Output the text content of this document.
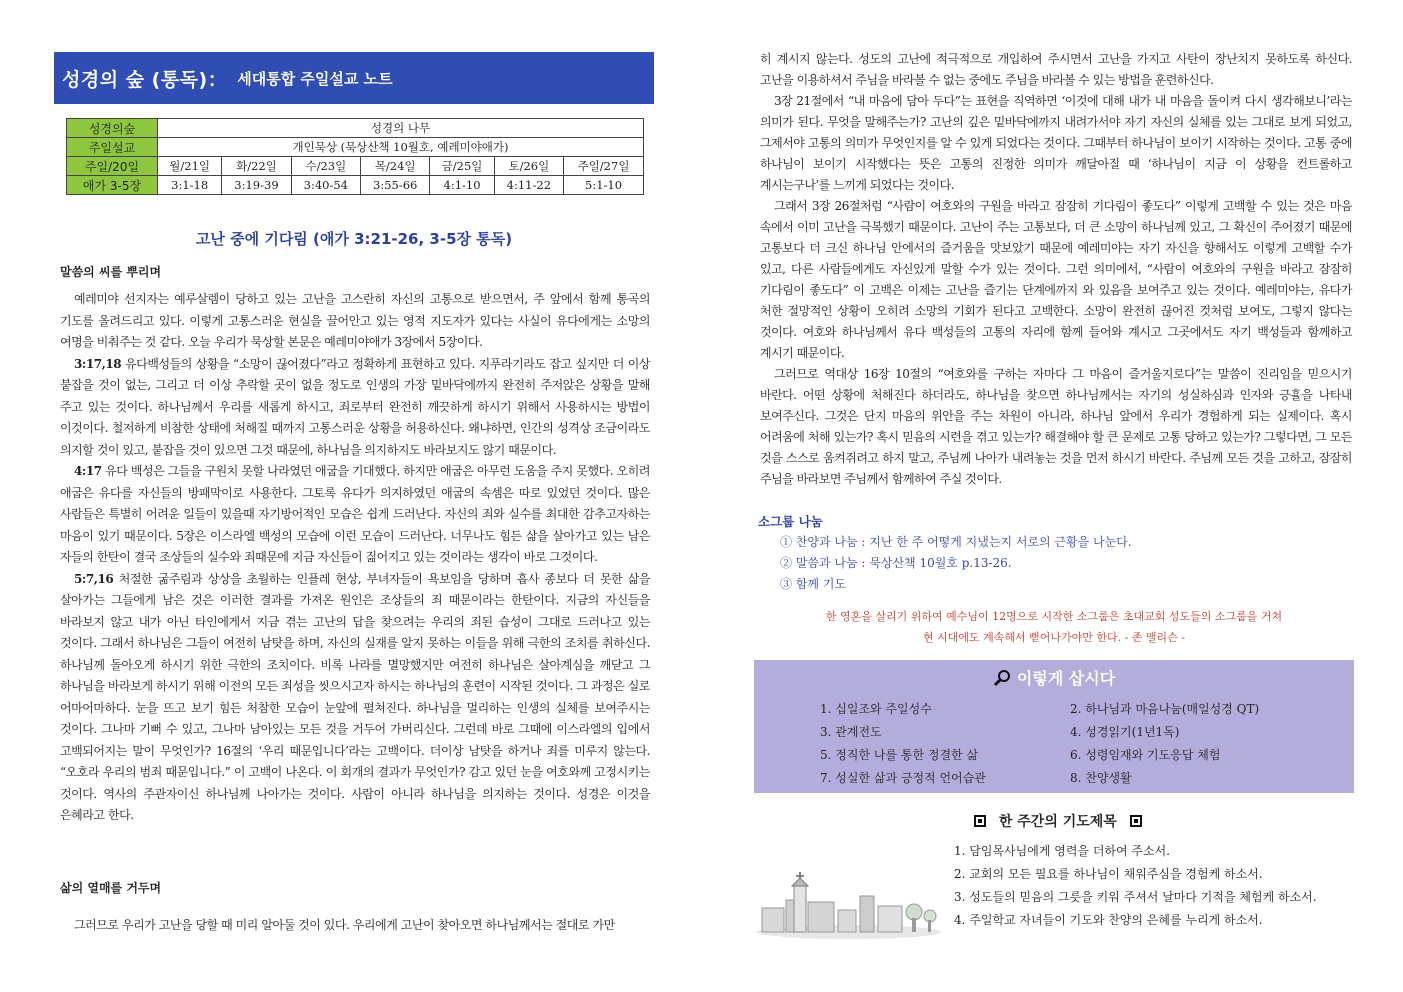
성경의 숲 (통독)： 세대통합 주일설교 노트
성경의숲	성경의 나무						
주일설교	개인묵상 (묵상산책 10월호, 예레미야애가)						
주일/20일	월/21일	화/22일	수/23일	목/24일	금/25일	토/26일	주일/27일
애가 3-5장	3:1-18	3:19-39	3:40-54	3:55-66	4:1-10	4:11-22	5:1-10
고난 중에 기다림 (애가 3:21-26, 3-5장 통독)
말씀의 씨를 뿌리며

예레미야 선지자는 예루살렘이 당하고 있는 고난을 고스란히 자신의 고통으로 받으면서, 주 앞에서 함께 통곡의 기도를 올려드리고 있다. 이렇게 고통스러운 현실을 끌어안고 있는 영적 지도자가 있다는 사실이 유다에게는 소망의 여명을 비춰주는 것 같다. 오늘 우리가 묵상할 본문은 예레미야애가 3장에서 5장이다.

3:17,18 유다백성들의 상황을 “소망이 끊어졌다”라고 정확하게 표현하고 있다. 지푸라기라도 잡고 싶지만 더 이상 붙잡을 것이 없는, 그리고 더 이상 추락할 곳이 없을 정도로 인생의 가장 밑바닥에까지 완전히 주저앉은 상황을 말해 주고 있는 것이다. 하나님께서 우리를 새롭게 하시고, 죄로부터 완전히 깨끗하게 하시기 위해서 사용하시는 방법이 이것이다. 철저하게 비참한 상태에 처해질 때까지 고통스러운 상황을 허용하신다. 왜냐하면, 인간의 성격상 조금이라도 의지할 것이 있고, 붙잡을 것이 있으면 그것 때문에, 하나님을 의지하지도 바라보지도 않기 때문이다.

4:17 유다 백성은 그들을 구원치 못할 나라였던 애굽을 기대했다. 하지만 애굽은 아무런 도움을 주지 못했다. 오히려 애굽은 유다를 자신들의 방패막이로 사용한다. 그토록 유다가 의지하였던 애굽의 속셈은 따로 있었던 것이다. 많은 사람들은 특별히 어려운 일들이 있을때 자기방어적인 모습은 쉽게 드러난다. 자신의 죄와 실수를 최대한 감추고자하는 마음이 있기 때문이다. 5장은 이스라엘 백성의 모습에 이런 모습이 드러난다. 너무나도 힘든 삶을 살아가고 있는 남은 자들의 한탄이 결국 조상들의 실수와 죄때문에 지금 자신들이 짊어지고 있는 것이라는 생각이 바로 그것이다.

5:7,16 처절한 굶주림과 상상을 초월하는 인플레 현상, 부녀자들이 욕보임을 당하며 흡사 종보다 더 못한 삶을 살아가는 그들에게 남은 것은 이러한 결과를 가져온 원인은 조상들의 죄 때문이라는 한탄이다. 지금의 자신들을 바라보지 않고 내가 아닌 타인에게서 지금 겪는 고난의 답을 찾으려는 우리의 죄된 습성이 그대로 드러나고 있는 것이다. 그래서 하나님은 그들이 여전히 남탓을 하며, 자신의 실재를 알지 못하는 이들을 위해 극한의 조치를 취하신다. 하나님께 돌아오게 하시기 위한 극한의 조치이다. 비록 나라를 멸망했지만 여전히 하나님은 살아계심을 깨닫고 그 하나님을 바라보게 하시기 위해 이전의 모든 죄성을 씻으시고자 하시는 하나님의 훈련이 시작된 것이다. 그 과정은 실로 어마어마하다. 눈을 뜨고 보기 힘든 처참한 모습이 눈앞에 펼쳐진다. 하나님을 멀리하는 인생의 실체를 보여주시는 것이다. 그나마 기뻐 수 있고, 그나마 남아있는 모든 것을 거두어 가버리신다. 그런데 바로 그때에 이스라엘의 입에서 고백되어지는 말이 무엇인가? 16절의 ‘우리 때문입니다’라는 고백이다. 더이상 남탓을 하거나 죄를 미루지 않는다. “오호라 우리의 범죄 때문입니다.” 이 고백이 나온다. 이 회개의 결과가 무엇인가? 감고 있던 눈을 여호와께 고정시키는 것이다. 역사의 주관자이신 하나님께 나아가는 것이다. 사람이 아니라 하나님을 의지하는 것이다. 성경은 이것을 은혜라고 한다.

삶의 열매를 거두며

그러므로 우리가 고난을 당할 때 미리 알아둘 것이 있다. 우리에게 고난이 찾아오면 하나님께서는 절대로 가만

히 계시지 않는다. 성도의 고난에 적극적으로 개입하여 주시면서 고난을 가지고 사탄이 장난치지 못하도록 하신다. 고난을 이용하셔서 주님을 바라볼 수 없는 중에도 주님을 바라볼 수 있는 방법을 훈련하신다.

3장 21절에서 “내 마음에 담아 두다”는 표현을 직역하면 ‘이것에 대해 내가 내 마음을 돌이켜 다시 생각해보니’라는 의미가 된다. 무엇을 말해주는가? 고난의 깊은 밑바닥에까지 내려가서야 자기 자신의 실체를 있는 그대로 보게 되었고, 그제서야 고통의 의미가 무엇인지를 알 수 있게 되었다는 것이다. 그때부터 하나님이 보이기 시작하는 것이다. 고통 중에 하나님이 보이기 시작했다는 뜻은 고통의 진정한 의미가 깨달아질 때 ‘하나님이 지금 이 상황을 컨트롤하고 계시는구나’를 느끼게 되었다는 것이다.

그래서 3장 26절처럼 “사람이 여호와의 구원을 바라고 잠잠히 기다림이 좋도다” 이렇게 고백할 수 있는 것은 마음 속에서 이미 고난을 극복했기 때문이다. 고난이 주는 고통보다, 더 큰 소망이 하나님께 있고, 그 확신이 주어졌기 때문에 고통보다 더 크신 하나님 안에서의 즐거움을 맛보았기 때문에 예레미야는 자기 자신을 향해서도 이렇게 고백할 수가 있고, 다른 사람들에게도 자신있게 말할 수가 있는 것이다. 그런 의미에서, “사람이 여호와의 구원을 바라고 잠잠히 기다림이 좋도다” 이 고백은 이제는 고난을 즐기는 단계에까지 와 있음을 보여주고 있는 것이다. 예레미야는, 유다가 처한 절망적인 상황이 오히려 소망의 기회가 된다고 고백한다. 소망이 완전히 끊어진 것처럼 보여도, 그렇지 않다는 것이다. 여호와 하나님께서 유다 백성들의 고통의 자리에 함께 들어와 계시고 그곳에서도 자기 백성들과 함께하고 계시기 때문이다.

그러므로 역대상 16장 10절의 “여호와를 구하는 자마다 그 마음이 즐거울지로다”는 말씀이 진리임을 믿으시기 바란다. 어떤 상황에 처해진다 하더라도, 하나님을 찾으면 하나님께서는 자기의 성실하심과 인자와 긍휼을 나타내 보여주신다. 그것은 단지 마음의 위안을 주는 차원이 아니라, 하나님 앞에서 우리가 경험하게 되는 실제이다. 혹시 어려움에 처해 있는가? 혹시 믿음의 시련을 겪고 있는가? 해결해야 할 큰 문제로 고통 당하고 있는가? 그렇다면, 그 모든 것을 스스로 움켜쥐려고 하지 말고, 주님께 나아가 내려놓는 것을 먼저 하시기 바란다. 주님께 모든 것을 고하고, 잠잠히 주님을 바라보면 주님께서 함께하여 주실 것이다.

소그룹 나눔
① 찬양과 나눔 : 지난 한 주 어떻게 지냈는지 서로의 근황을 나눈다.
② 말씀과 나눔 : 묵상산책 10월호 p.13-26.
③ 함께 기도
한 영혼을 살리기 위하여 예수님이 12명으로 시작한 소그룹은 초대교회 성도들의 소그룹을 거쳐
현 시대에도 계속해서 뻗어나가야만 한다. - 존 맬리슨 -
이렇게 삽시다
1. 십일조와 주일성수
3. 관계전도
5. 정직한 나를 통한 정결한 삶
7. 성실한 삶과 긍정적 언어습관
2. 하나님과 마음나눔(매일성경 QT)
4. 성경읽기(1년1독)
6. 성령임재와 기도응답 체험
8. 찬양생활
한 주간의 기도제목
1. 담임목사님에게 영력을 더하여 주소서.
2. 교회의 모든 필요를 하나님이 채워주심을 경험케 하소서.
3. 성도들의 믿음의 그릇을 키워 주셔서 날마다 기적을 체험케 하소서.
4. 주일학교 자녀들이 기도와 찬양의 은혜를 누리게 하소서.
